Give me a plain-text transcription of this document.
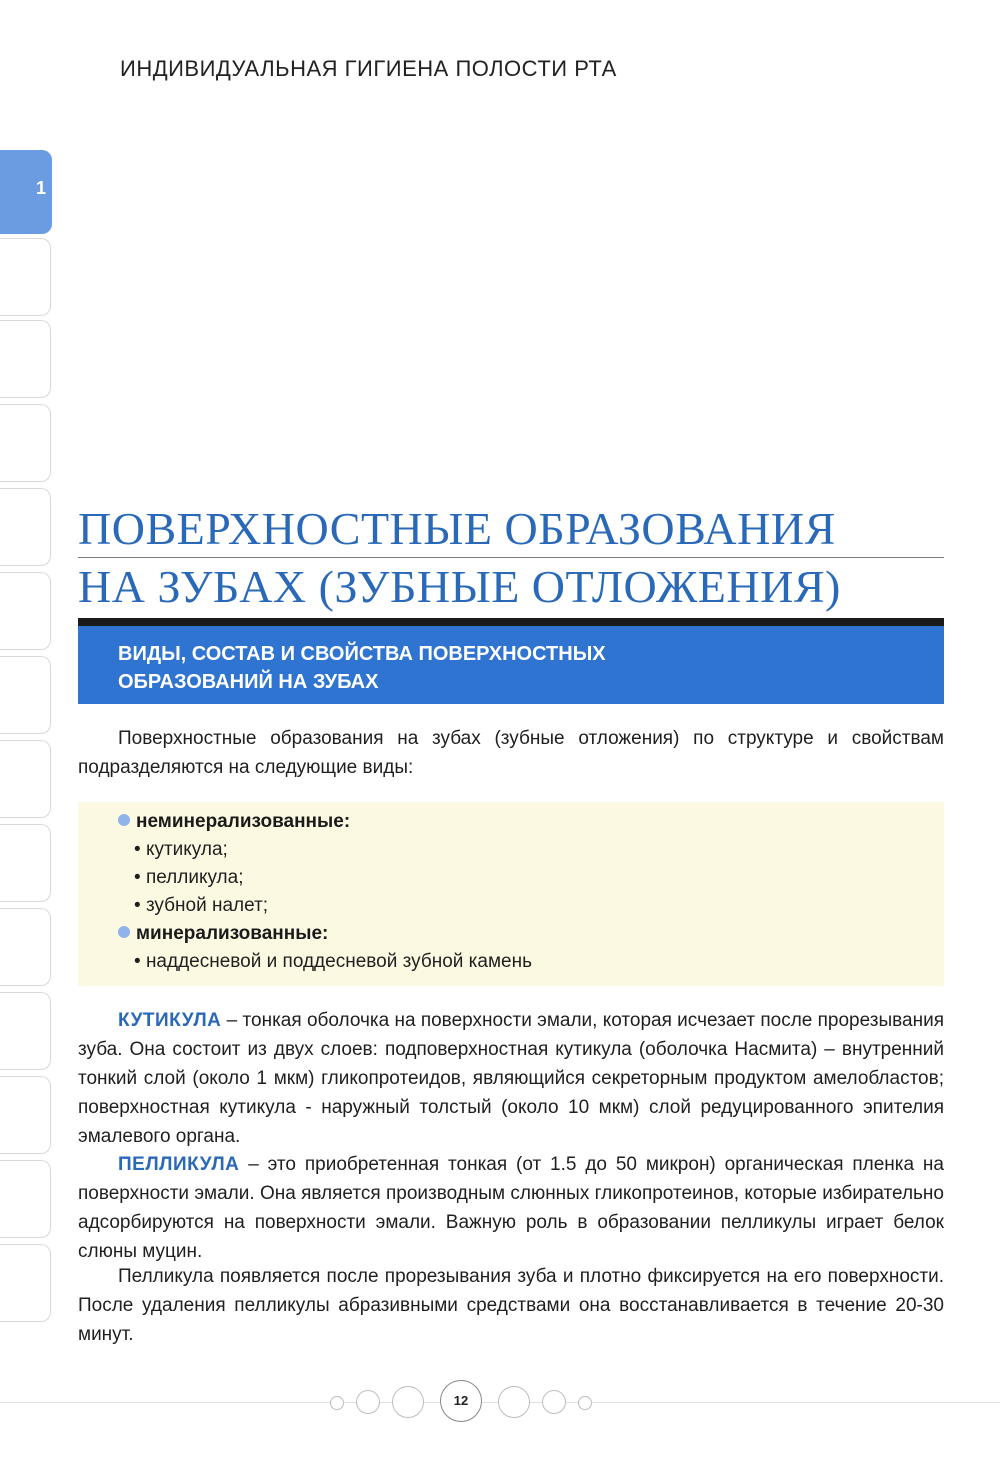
ИНДИВИДУАЛЬНАЯ ГИГИЕНА ПОЛОСТИ РТА
1
ПОВЕРХНОСТНЫЕ ОБРАЗОВАНИЯ
НА ЗУБАХ (ЗУБНЫЕ ОТЛОЖЕНИЯ)
ВИДЫ, СОСТАВ И СВОЙСТВА ПОВЕРХНОСТНЫХ
ОБРАЗОВАНИЙ НА ЗУБАХ
Поверхностные образования на зубах (зубные отложения) по структуре и свойствам подразделяются на следующие виды:
неминерализованные:
• кутикула;
• пелликула;
• зубной налет;
минерализованные:
• наддесневой и поддесневой зубной камень
КУТИКУЛА – тонкая оболочка на поверхности эмали, которая исчезает после прорезывания зуба. Она состоит из двух слоев: подповерхностная кутикула (оболочка Насмита) – внутренний тонкий слой (около 1 мкм) гликопротеидов, являющийся секреторным продуктом амелобластов; поверхностная кутикула - наружный толстый (около 10 мкм) слой редуцированного эпителия эмалевого органа.
ПЕЛЛИКУЛА – это приобретенная тонкая (от 1.5 до 50 микрон) органическая пленка на поверхности эмали. Она является производным слюнных гликопротеинов, которые избирательно адсорбируются на поверхности эмали. Важную роль в образовании пелликулы играет белок слюны муцин.
Пелликула появляется после прорезывания зуба и плотно фиксируется на его поверхности. После удаления пелликулы абразивными средствами она восстанавливается в течение 20-30 минут.
12
